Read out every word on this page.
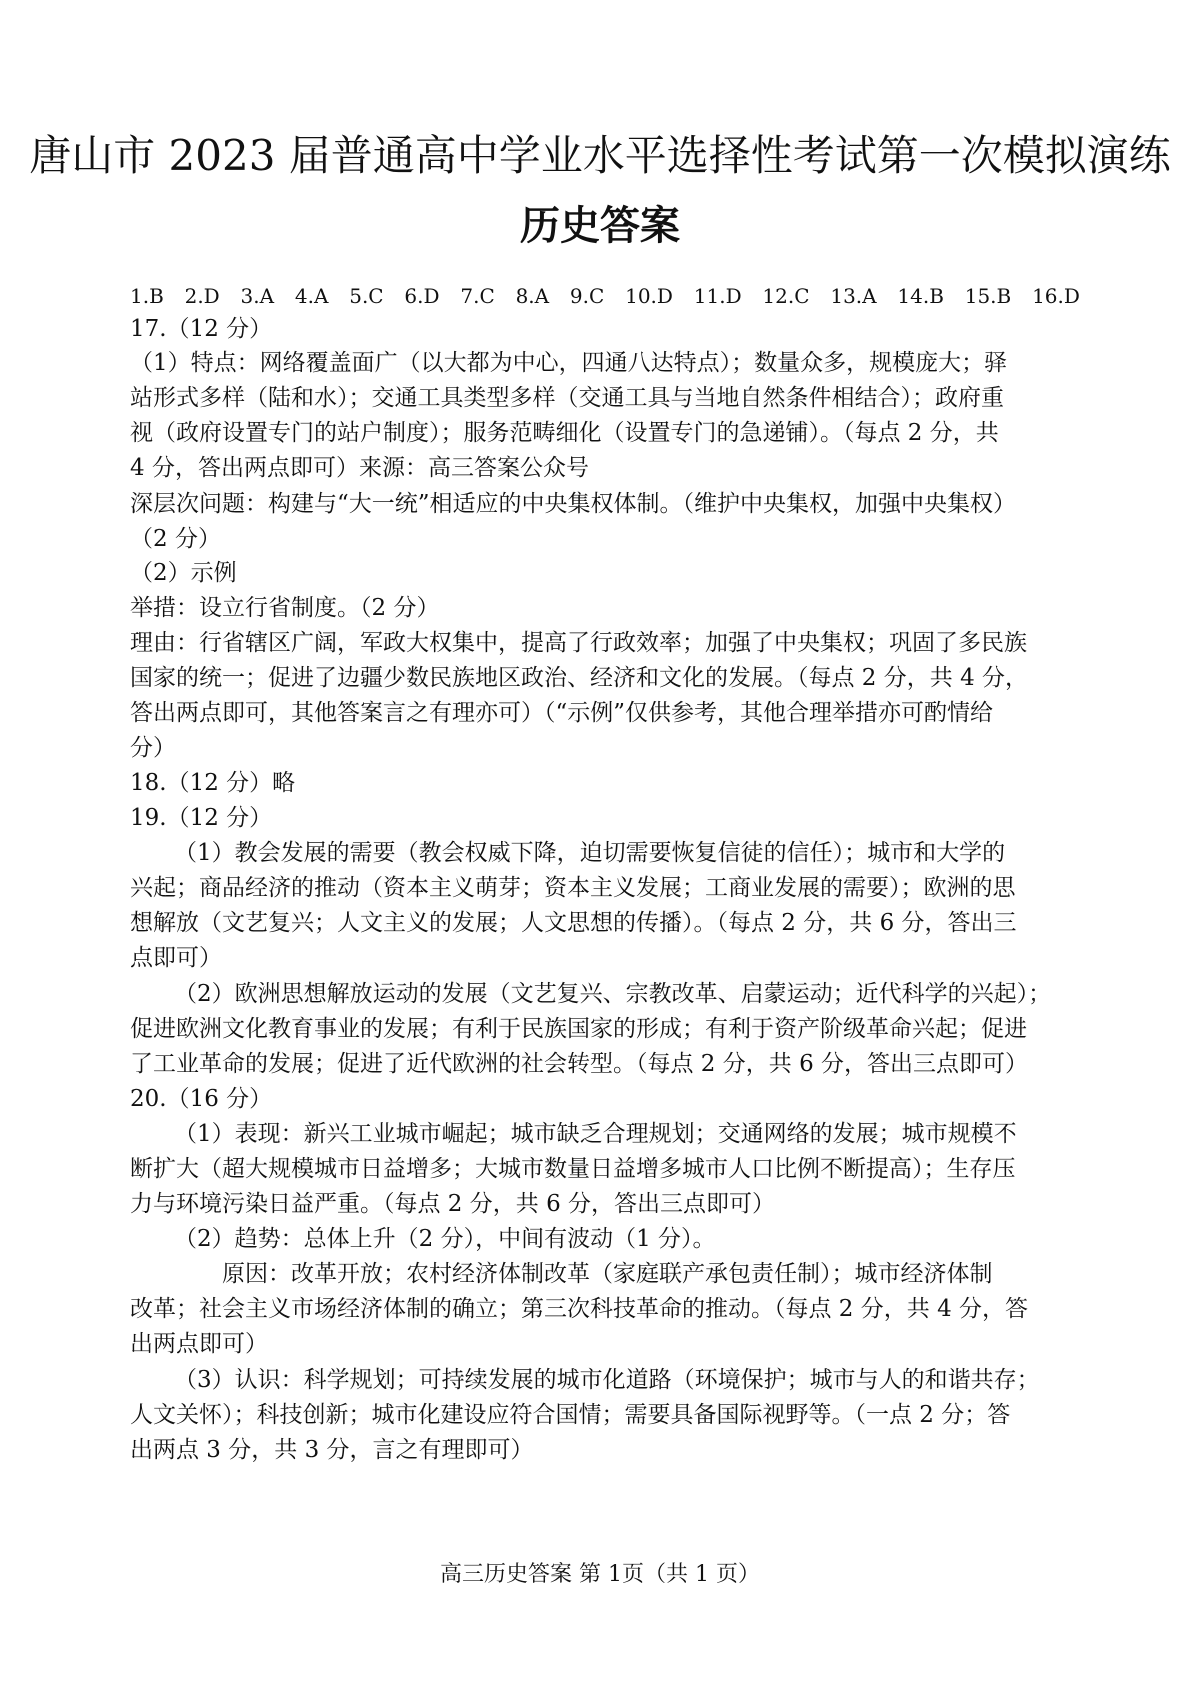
唐山市 2023 届普通高中学业水平选择性考试第一次模拟演练
历史答案
1.B 2.D 3.A 4.A 5.C 6.D 7.C 8.A 9.C 10.D 11.D 12.C 13.A 14.B 15.B 16.D
17.（12 分）
（1）特点：网络覆盖面广（以大都为中心，四通八达特点）；数量众多，规模庞大；驿
站形式多样（陆和水）；交通工具类型多样（交通工具与当地自然条件相结合）；政府重
视（政府设置专门的站户制度）；服务范畴细化（设置专门的急递铺）。（每点 2 分，共
4 分，答出两点即可）来源：高三答案公众号
深层次问题：构建与“大一统”相适应的中央集权体制。（维护中央集权，加强中央集权）
（2 分）
（2）示例
举措：设立行省制度。（2 分）
理由：行省辖区广阔，军政大权集中，提高了行政效率；加强了中央集权；巩固了多民族
国家的统一；促进了边疆少数民族地区政治、经济和文化的发展。（每点 2 分，共 4 分，
答出两点即可，其他答案言之有理亦可）（“示例”仅供参考，其他合理举措亦可酌情给
分）
18.（12 分）略
19.（12 分）
（1）教会发展的需要（教会权威下降，迫切需要恢复信徒的信任）；城市和大学的
兴起；商品经济的推动（资本主义萌芽；资本主义发展；工商业发展的需要）；欧洲的思
想解放（文艺复兴；人文主义的发展；人文思想的传播）。（每点 2 分，共 6 分，答出三
点即可）
（2）欧洲思想解放运动的发展（文艺复兴、宗教改革、启蒙运动；近代科学的兴起）；
促进欧洲文化教育事业的发展；有利于民族国家的形成；有利于资产阶级革命兴起；促进
了工业革命的发展；促进了近代欧洲的社会转型。（每点 2 分，共 6 分，答出三点即可）
20.（16 分）
（1）表现：新兴工业城市崛起；城市缺乏合理规划；交通网络的发展；城市规模不
断扩大（超大规模城市日益增多；大城市数量日益增多城市人口比例不断提高）；生存压
力与环境污染日益严重。（每点 2 分，共 6 分，答出三点即可）
（2）趋势：总体上升（2 分），中间有波动（1 分）。
原因：改革开放；农村经济体制改革（家庭联产承包责任制）；城市经济体制
改革；社会主义市场经济体制的确立；第三次科技革命的推动。（每点 2 分，共 4 分，答
出两点即可）
（3）认识：科学规划；可持续发展的城市化道路（环境保护；城市与人的和谐共存；
人文关怀）；科技创新；城市化建设应符合国情；需要具备国际视野等。（一点 2 分；答
出两点 3 分，共 3 分，言之有理即可）
高三历史答案 第 1页（共 1 页）
